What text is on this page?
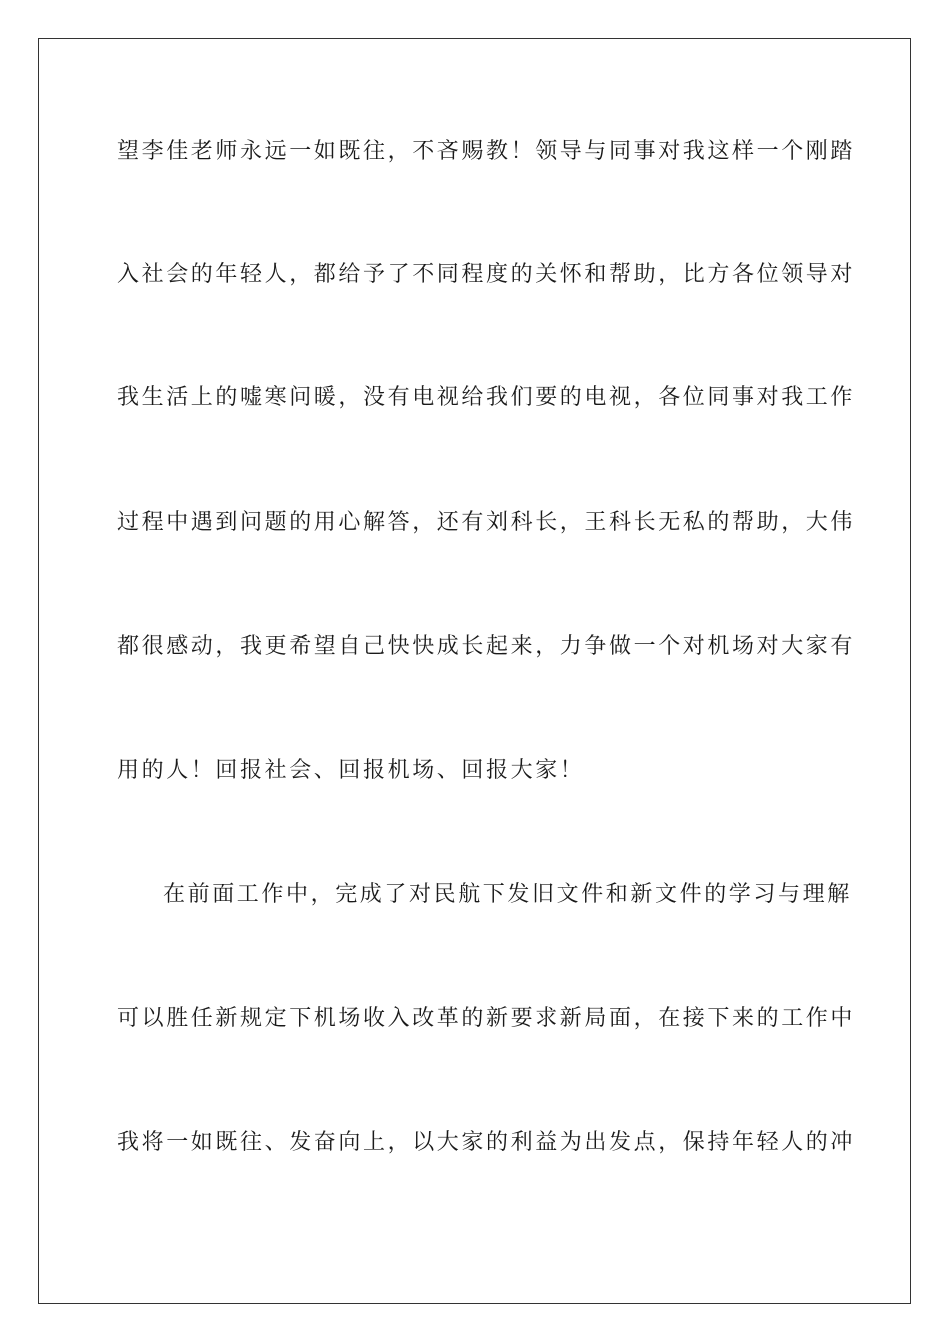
望李佳老师永远一如既往，不吝赐教！领导与同事对我这样一个刚踏
入社会的年轻人，都给予了不同程度的关怀和帮助，比方各位领导对
我生活上的嘘寒问暖，没有电视给我们要的电视，各位同事对我工作
过程中遇到问题的用心解答，还有刘科长，王科长无私的帮助，大伟
都很感动，我更希望自己快快成长起来，力争做一个对机场对大家有
用的人！回报社会、回报机场、回报大家！
在前面工作中，完成了对民航下发旧文件和新文件的学习与理解
可以胜任新规定下机场收入改革的新要求新局面，在接下来的工作中
我将一如既往、发奋向上，以大家的利益为出发点，保持年轻人的冲
